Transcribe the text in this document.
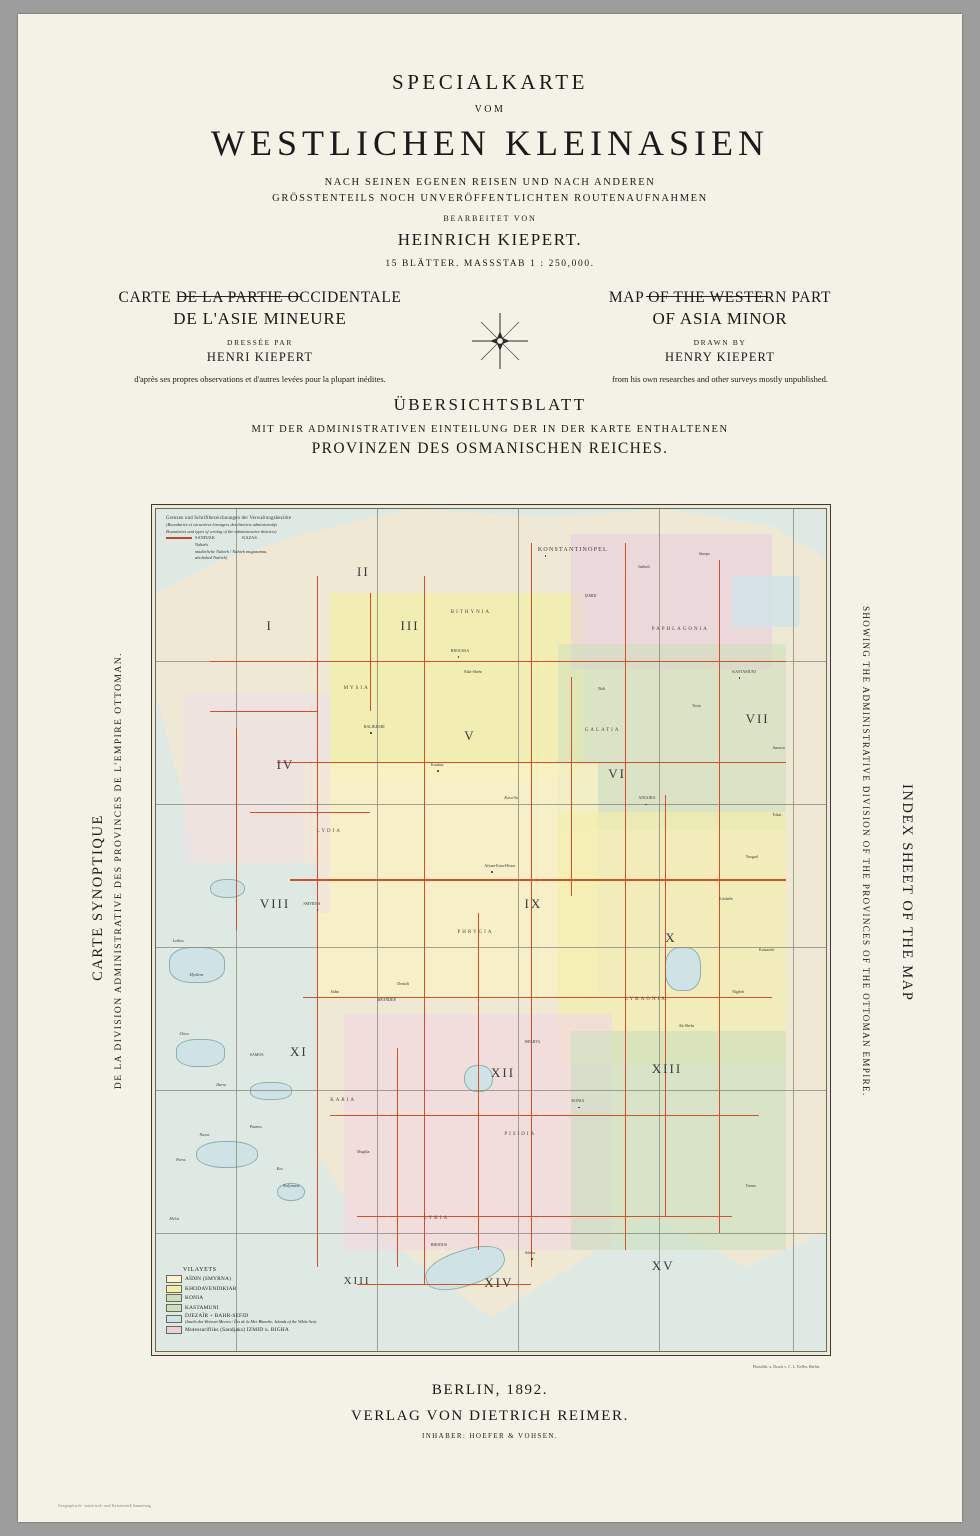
SPECIALKARTE
VOM
WESTLICHEN KLEINASIEN
NACH SEINEN EGENEN REISEN UND NACH ANDEREN
GRÖSSTENTEILS NOCH UNVERÖFFENTLICHTEN ROUTENAUFNAHMEN
BEARBEITET VON
HEINRICH KIEPERT.
15 BLÄTTER. MASSSTAB 1 : 250,000.
CARTE DE LA PARTIE OCCIDENTALE
DE L'ASIE MINEURE
DRESSÉE PAR
HENRI KIEPERT
d'après ses propres observations et d'autres levées pour la plupart inédites.
MAP OF THE WESTERN PART
OF ASIA MINOR
DRAWN BY
HENRY KIEPERT
from his own researches and other surveys mostly unpublished.
ÜBERSICHTSBLATT
MIT DER ADMINISTRATIVEN EINTEILUNG DER IN DER KARTE ENTHALTENEN
PROVINZEN DES OSMANISCHEN REICHES.
CARTE SYNOPTIQUE DE LA DIVISION ADMINISTRATIVE DES PROVINCES DE L'EMPIRE OTTOMAN.	INDEX SHEET OF THE MAP
SHOWING THE ADMINISTRATIVE DIVISION OF THE PROVINCES OF THE OTTOMAN EMPIRE.
I
II
III
IV
V
VI
VII
VIII	IX
X
XI
XII	XIII
XIV
XV
XIII
MYSIA
LYDIA
KARIA
PHRYGIA
PISIDIA
LYKIA
GALATIA
BITHYNIA
PAPHLAGONIA
LYKAONIA
KONSTANTINOPEL
IZMID
BROUSSA
BALIKESRI
SMYRNA
SAMOS
RHODOS
KASTAMUNI
ANGORA
KONIA
MEANDER
ISPARTA
Kara-Su
Eski-Shehr
Kutahia
Afium-Kara-Hissar
Denizli
Aïdin
Mughla
Adalia
Ak-Shehr
Kaisarieh
Boli
Tosia
Sinope
Ineboli
Amasia
Tokat
Yozgad
Kirshehr
Nigdeh
Tarsus
Kalymnos
Lesbos
Chios
Ikaria
Kos
Patmos
Naxos
Paros
Melos
Mytilene
Grenzen und Schriftbezeichnungen der Verwaltungsbezirke
(Boundaries et caractères ètrangers des districts administratifs
Boundaries and types of writing of the administrative districts)
SANDJAK	KAZAS
Nahieh
müdürliche Nahieh / Nahieh mugazanna,
abolished Nahieh)
VILAYETS
AÏDIN (SMYRNA)
KHODAVENDIKIAR
KONIA
KASTAMUNI
DJEZAÏR + BAHR-SEFID
(Inseln des Weissen Meeres / Îles de la Mer Blanche, Islands of the White Sea)
Mutessarifliks (Sandjaks) IZMID u. BIGHA
Photolith. u. Druck v. C. L. Keller, Berlin.
BERLIN, 1892.
VERLAG VON DIETRICH REIMER.
INHABER: HOEFER & VOHSEN.
Geographisch- statistisch- und Kartenwerk Sammlung
